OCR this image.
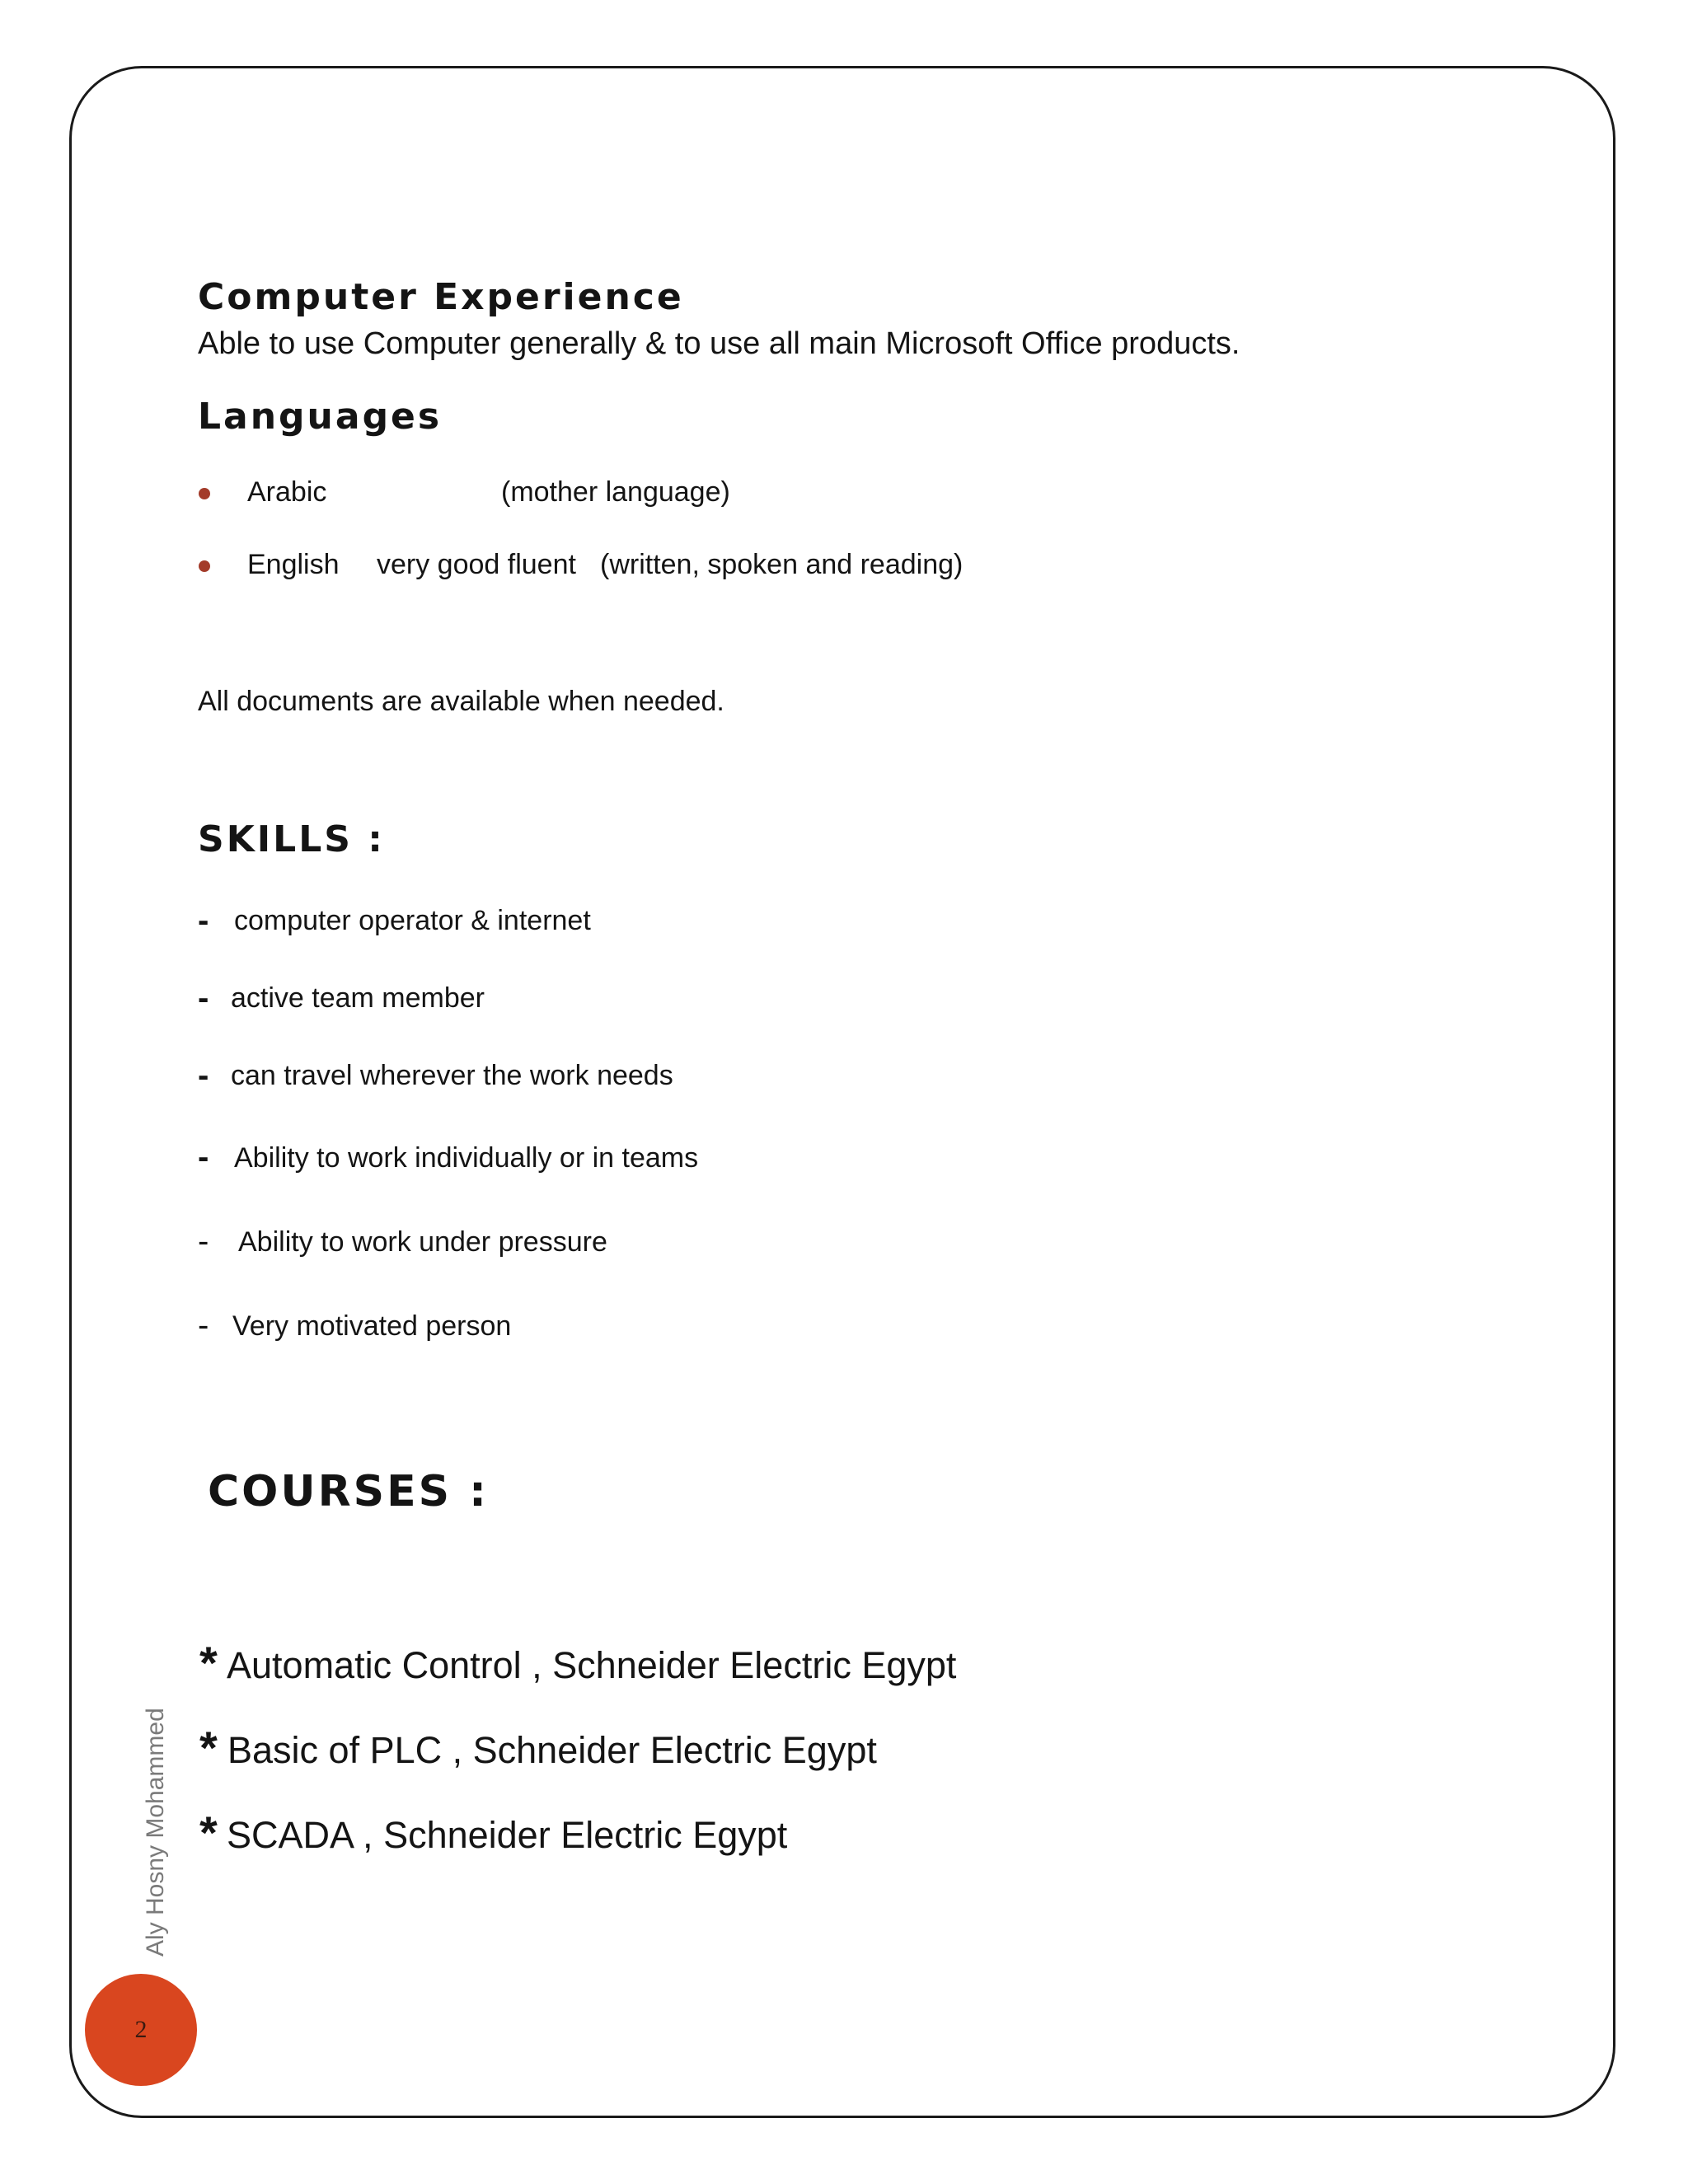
Computer Experience

Able to use Computer generally & to use all main Microsoft Office products.

Languages
Arabic	(mother language)
English very good fluent (written, spoken and reading)

All documents are available when needed.

SKILLS :
- computer operator & internet
- active team member
- can travel wherever the work needs
- Ability to work individually or in teams
- Ability to work under pressure
- Very motivated person
COURSES :
* Automatic Control , Schneider Electric Egypt
* Basic of PLC , Schneider Electric Egypt
* SCADA , Schneider Electric Egypt
Aly Hosny Mohammed
2
